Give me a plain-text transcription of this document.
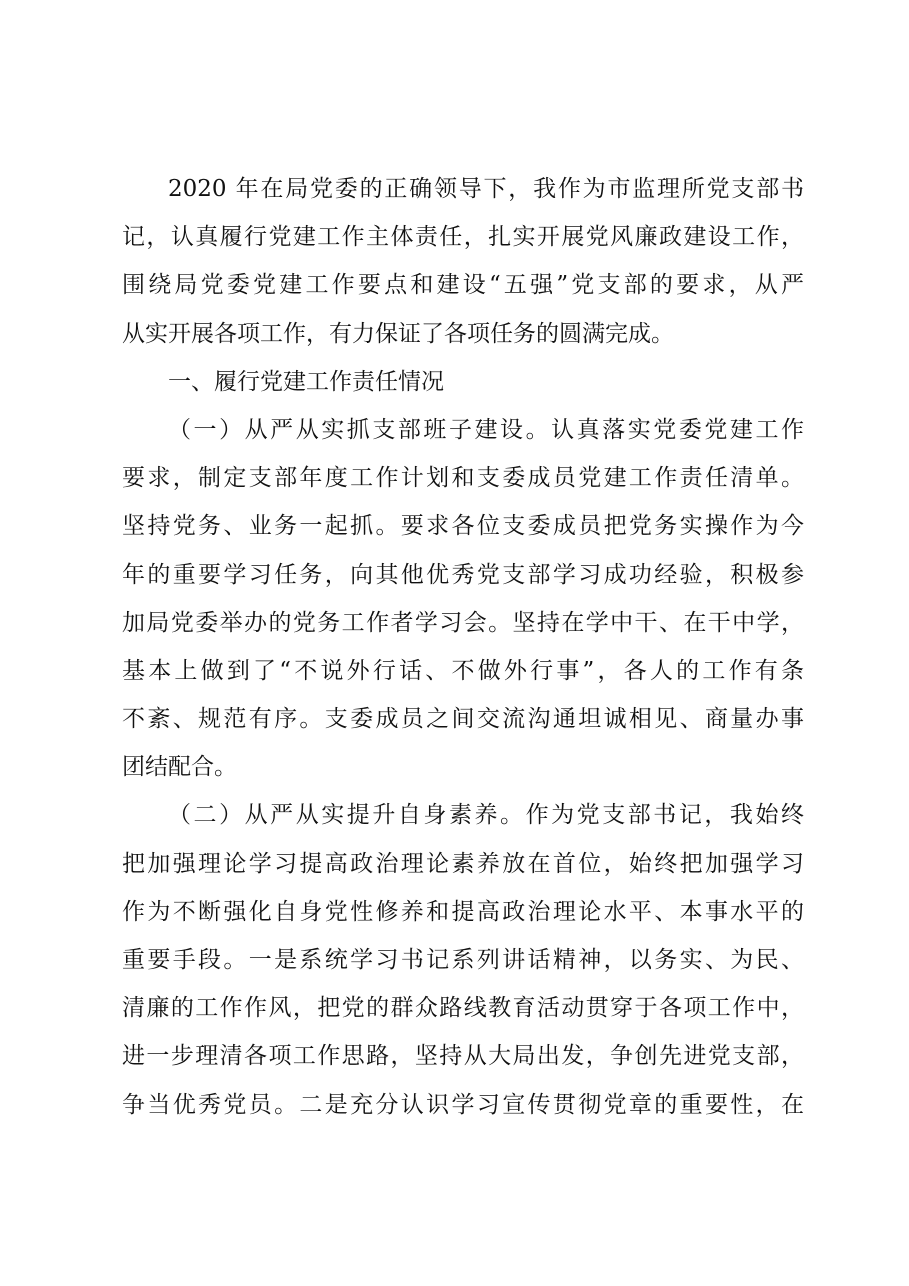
2020 年在局党委的正确领导下，我作为市监理所党支部书
记，认真履行党建工作主体责任，扎实开展党风廉政建设工作，
围绕局党委党建工作要点和建设“五强”党支部的要求，从严
从实开展各项工作，有力保证了各项任务的圆满完成。
一、履行党建工作责任情况
（一）从严从实抓支部班子建设。认真落实党委党建工作
要求，制定支部年度工作计划和支委成员党建工作责任清单。
坚持党务、业务一起抓。要求各位支委成员把党务实操作为今
年的重要学习任务，向其他优秀党支部学习成功经验，积极参
加局党委举办的党务工作者学习会。坚持在学中干、在干中学，
基本上做到了“不说外行话、不做外行事”，各人的工作有条
不紊、规范有序。支委成员之间交流沟通坦诚相见、商量办事
团结配合。
（二）从严从实提升自身素养。作为党支部书记，我始终
把加强理论学习提高政治理论素养放在首位，始终把加强学习
作为不断强化自身党性修养和提高政治理论水平、本事水平的
重要手段。一是系统学习书记系列讲话精神，以务实、为民、
清廉的工作作风，把党的群众路线教育活动贯穿于各项工作中，
进一步理清各项工作思路，坚持从大局出发，争创先进党支部，
争当优秀党员。二是充分认识学习宣传贯彻党章的重要性，在
